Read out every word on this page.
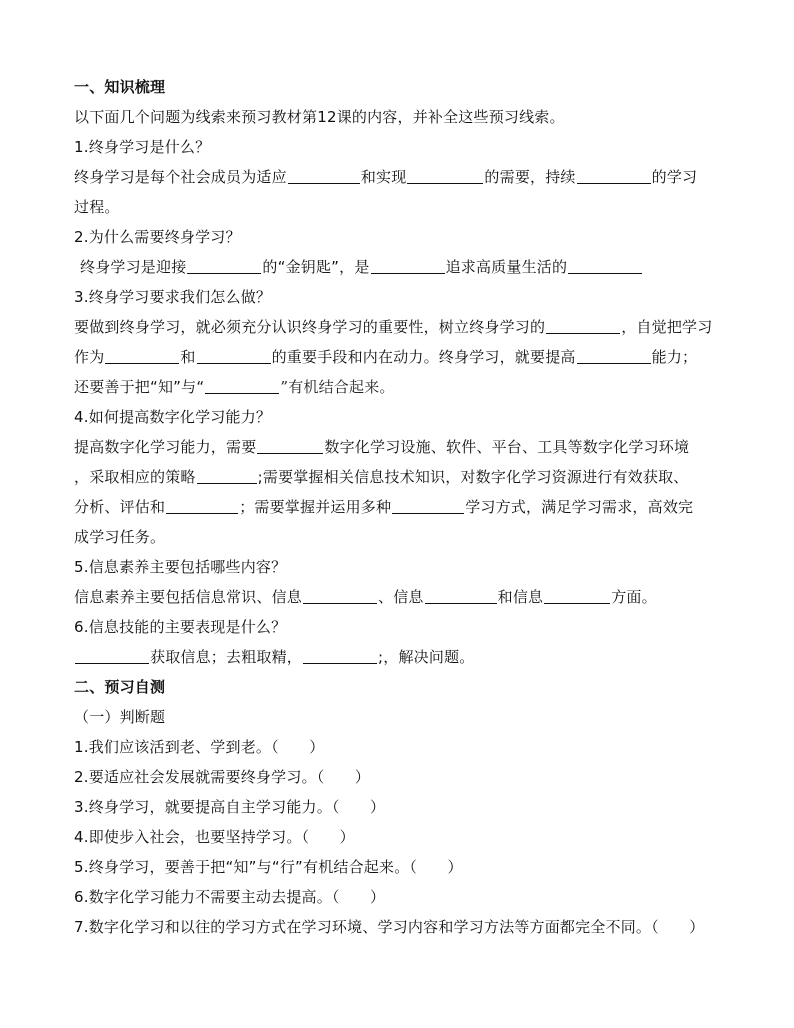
一、知识梳理
以下面几个问题为线索来预习教材第12课的内容，并补全这些预习线索。
1.终身学习是什么？
终身学习是每个社会成员为适应	和实现	的需要，持续	的学习
过程。
2.为什么需要终身学习？
终身学习是迎接	的“金钥匙”，是	追求高质量生活的
3.终身学习要求我们怎么做？
要做到终身学习，就必须充分认识终身学习的重要性，树立终身学习的	，自觉把学习
作为	和	的重要手段和内在动力。终身学习，就要提高	能力；
还要善于把“知”与“	”有机结合起来。
4.如何提高数字化学习能力？
提高数字化学习能力，需要	数字化学习设施、软件、平台、工具等数字化学习环境
，采取相应的策略	;需要掌握相关信息技术知识，对数字化学习资源进行有效获取、
分析、评估和	；需要掌握并运用多种	学习方式，满足学习需求，高效完
成学习任务。
5.信息素养主要包括哪些内容？
信息素养主要包括信息常识、信息	、信息	和信息	方面。
6.信息技能的主要表现是什么？
获取信息；去粗取精，	;，解决问题。
二、预习自测
（一）判断题
1.我们应该活到老、学到老。（　　）
2.要适应社会发展就需要终身学习。（　　）
3.终身学习，就要提高自主学习能力。（　　）
4.即使步入社会，也要坚持学习。（　　）
5.终身学习，要善于把“知”与“行”有机结合起来。（　　）
6.数字化学习能力不需要主动去提高。（　　）
7.数字化学习和以往的学习方式在学习环境、学习内容和学习方法等方面都完全不同。（　　）
